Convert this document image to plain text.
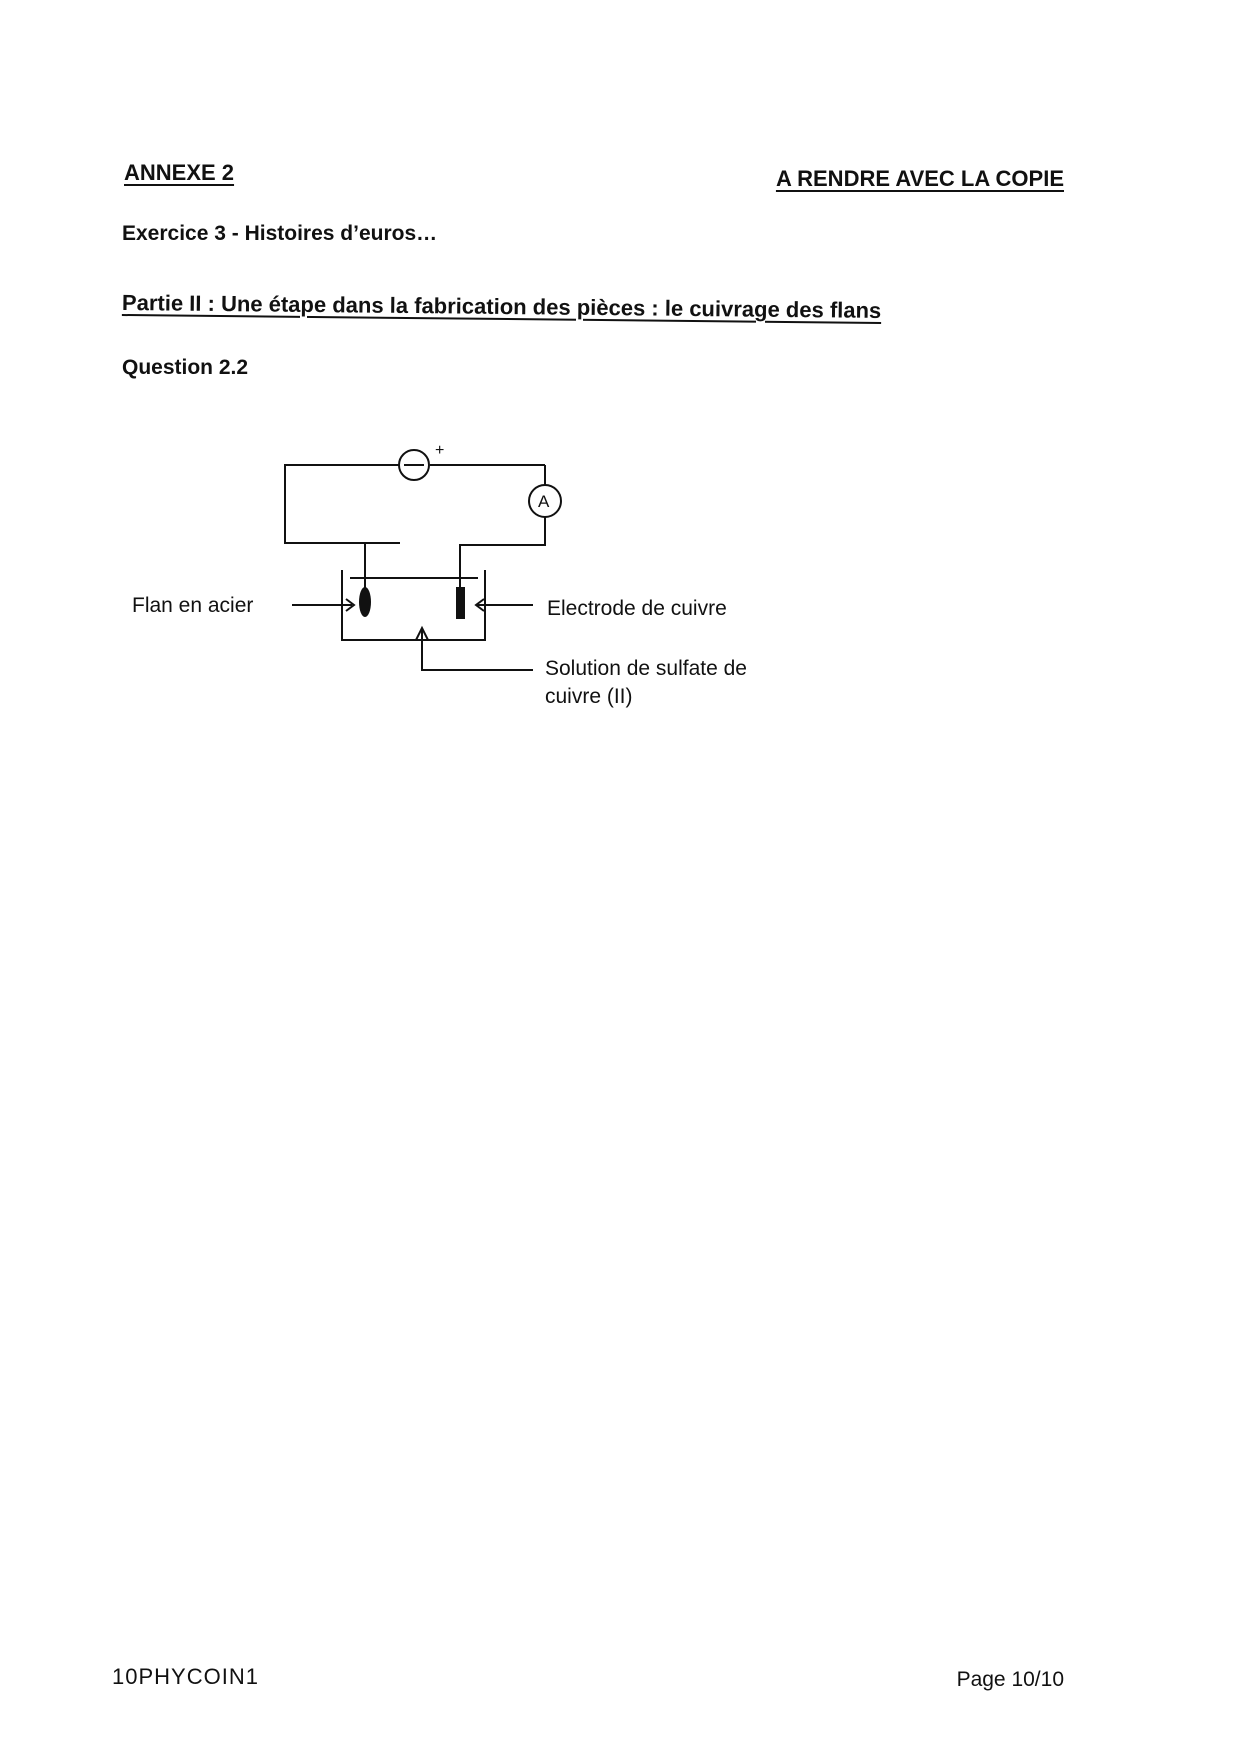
ANNEXE 2	A RENDRE AVEC LA COPIE
Exercice 3 - Histoires d’euros…
Partie II : Une étape dans la fabrication des pièces : le cuivrage des flans
Question 2.2
+
A
Flan en acier	Electrode de cuivre
Solution de sulfate de
cuivre (II)
10PHYCOIN1	Page 10/10
